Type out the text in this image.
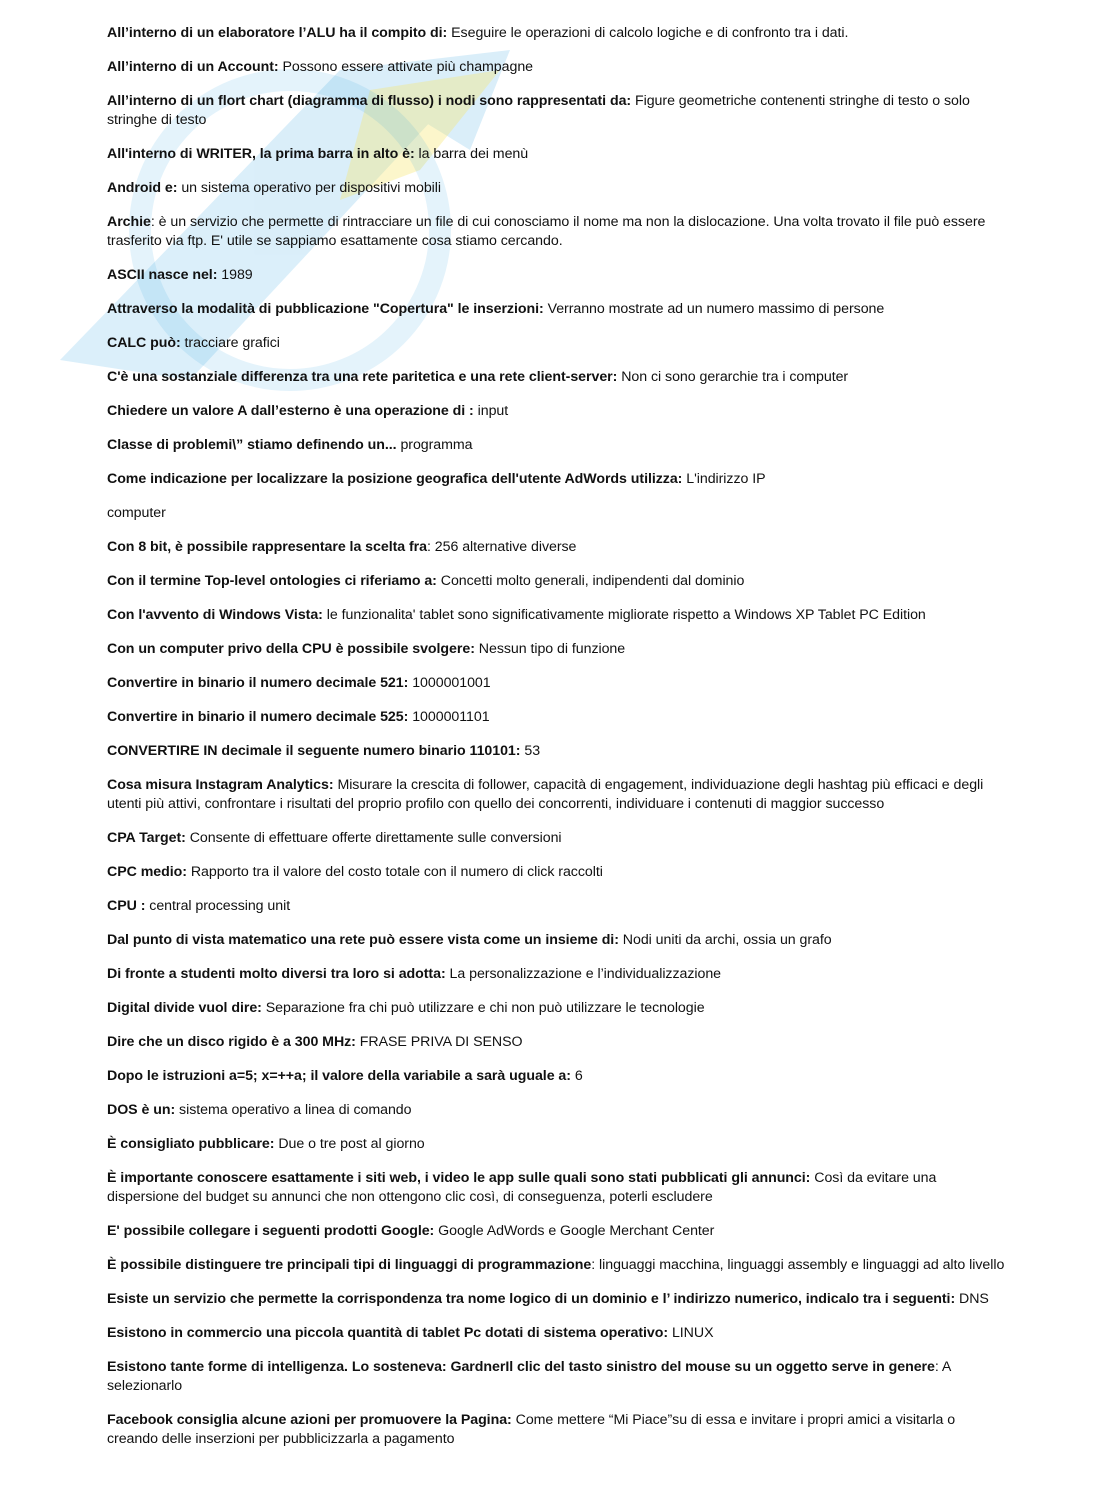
All’interno di un elaboratore l’ALU ha il compito di: Eseguire le operazioni di calcolo logiche e di confronto tra i dati.

All’interno di un Account: Possono essere attivate più champagne

All’interno di un flort chart (diagramma di flusso) i nodi sono rappresentati da: Figure geometriche contenenti stringhe di testo o solo stringhe di testo

All'interno di WRITER, la prima barra in alto è: la barra dei menù

Android e: un sistema operativo per dispositivi mobili

Archie: è un servizio che permette di rintracciare un file di cui conosciamo il nome ma non la dislocazione. Una volta trovato il file può essere trasferito via ftp. E' utile se sappiamo esattamente cosa stiamo cercando.

ASCII nasce nel: 1989

Attraverso la modalità di pubblicazione "Copertura" le inserzioni: Verranno mostrate ad un numero massimo di persone

CALC può: tracciare grafici

C'è una sostanziale differenza tra una rete paritetica e una rete client-server: Non ci sono gerarchie tra i computer

Chiedere un valore A dall’esterno è una operazione di : input

Classe di problemi\” stiamo definendo un... programma

Come indicazione per localizzare la posizione geografica dell'utente AdWords utilizza: L'indirizzo IP

computer

Con 8 bit, è possibile rappresentare la scelta fra: 256 alternative diverse

Con il termine Top-level ontologies ci riferiamo a: Concetti molto generali, indipendenti dal dominio

Con l'avvento di Windows Vista: le funzionalita' tablet sono significativamente migliorate rispetto a Windows XP Tablet PC Edition

Con un computer privo della CPU è possibile svolgere: Nessun tipo di funzione

Convertire in binario il numero decimale 521: 1000001001

Convertire in binario il numero decimale 525: 1000001101

CONVERTIRE IN decimale il seguente numero binario 110101: 53

Cosa misura Instagram Analytics: Misurare la crescita di follower, capacità di engagement, individuazione degli hashtag più efficaci e degli utenti più attivi, confrontare i risultati del proprio profilo con quello dei concorrenti, individuare i contenuti di maggior successo

CPA Target: Consente di effettuare offerte direttamente sulle conversioni

CPC medio: Rapporto tra il valore del costo totale con il numero di click raccolti

CPU : central processing unit

Dal punto di vista matematico una rete può essere vista come un insieme di: Nodi uniti da archi, ossia un grafo

Di fronte a studenti molto diversi tra loro si adotta: La personalizzazione e l’individualizzazione

Digital divide vuol dire: Separazione fra chi può utilizzare e chi non può utilizzare le tecnologie

Dire che un disco rigido è a 300 MHz: FRASE PRIVA DI SENSO

Dopo le istruzioni a=5; x=++a; il valore della variabile a sarà uguale a: 6

DOS è un: sistema operativo a linea di comando

È consigliato pubblicare: Due o tre post al giorno

È importante conoscere esattamente i siti web, i video le app sulle quali sono stati pubblicati gli annunci: Così da evitare una dispersione del budget su annunci che non ottengono clic così, di conseguenza, poterli escludere

E' possibile collegare i seguenti prodotti Google: Google AdWords e Google Merchant Center

È possibile distinguere tre principali tipi di linguaggi di programmazione: linguaggi macchina, linguaggi assembly e linguaggi ad alto livello

Esiste un servizio che permette la corrispondenza tra nome logico di un dominio e l’ indirizzo numerico, indicalo tra i seguenti: DNS

Esistono in commercio una piccola quantità di tablet Pc dotati di sistema operativo: LINUX

Esistono tante forme di intelligenza. Lo sosteneva: GardnerIl clic del tasto sinistro del mouse su un oggetto serve in genere: A selezionarlo

Facebook consiglia alcune azioni per promuovere la Pagina: Come mettere “Mi Piace”su di essa e invitare i propri amici a visitarla o creando delle inserzioni per pubblicizzarla a pagamento
